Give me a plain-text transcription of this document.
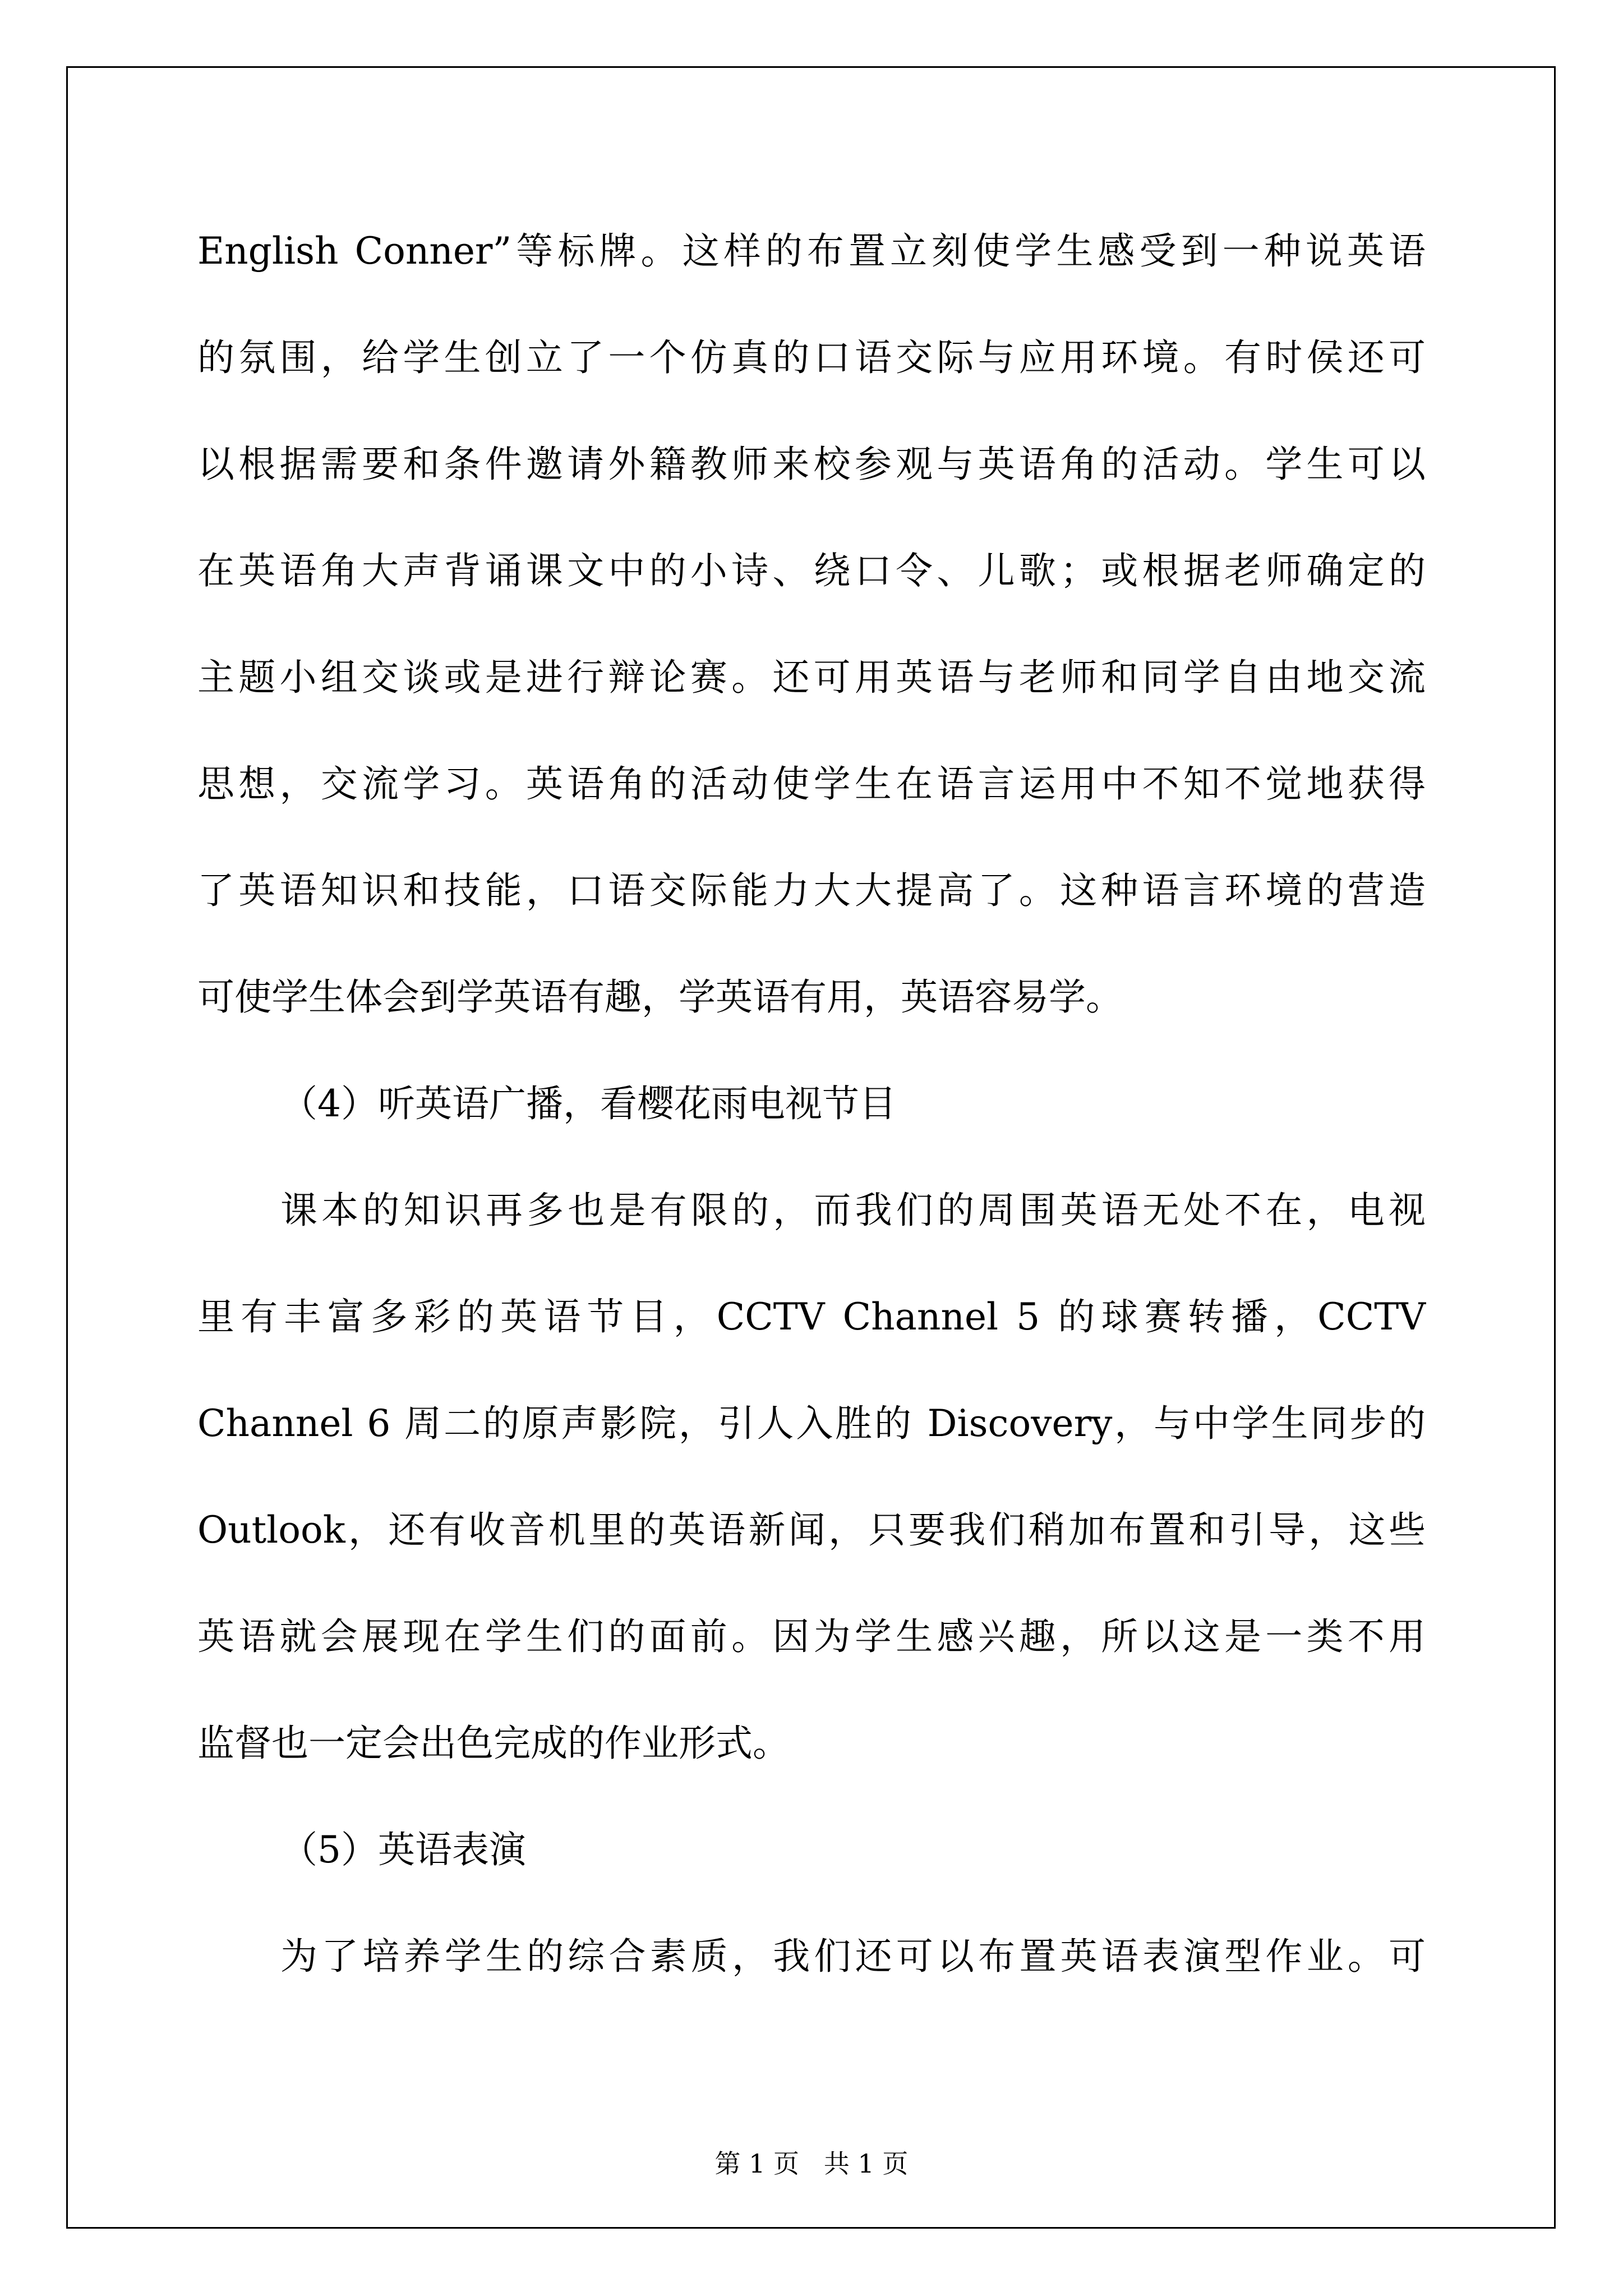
English Conner”等标牌。这样的布置立刻使学生感受到一种说英语
的氛围，给学生创立了一个仿真的口语交际与应用环境。有时侯还可
以根据需要和条件邀请外籍教师来校参观与英语角的活动。学生可以
在英语角大声背诵课文中的小诗、绕口令、儿歌；或根据老师确定的
主题小组交谈或是进行辩论赛。还可用英语与老师和同学自由地交流
思想，交流学习。英语角的活动使学生在语言运用中不知不觉地获得
了英语知识和技能，口语交际能力大大提高了。这种语言环境的营造
可使学生体会到学英语有趣，学英语有用，英语容易学。
（4）听英语广播，看樱花雨电视节目
课本的知识再多也是有限的，而我们的周围英语无处不在，电视
里有丰富多彩的英语节目，CCTV Channel 5 的球赛转播，CCTV
Channel 6 周二的原声影院，引人入胜的 Discovery，与中学生同步的
Outlook，还有收音机里的英语新闻，只要我们稍加布置和引导，这些
英语就会展现在学生们的面前。因为学生感兴趣，所以这是一类不用
监督也一定会出色完成的作业形式。
（5）英语表演
为了培养学生的综合素质，我们还可以布置英语表演型作业。可
第 1 页   共 1 页
